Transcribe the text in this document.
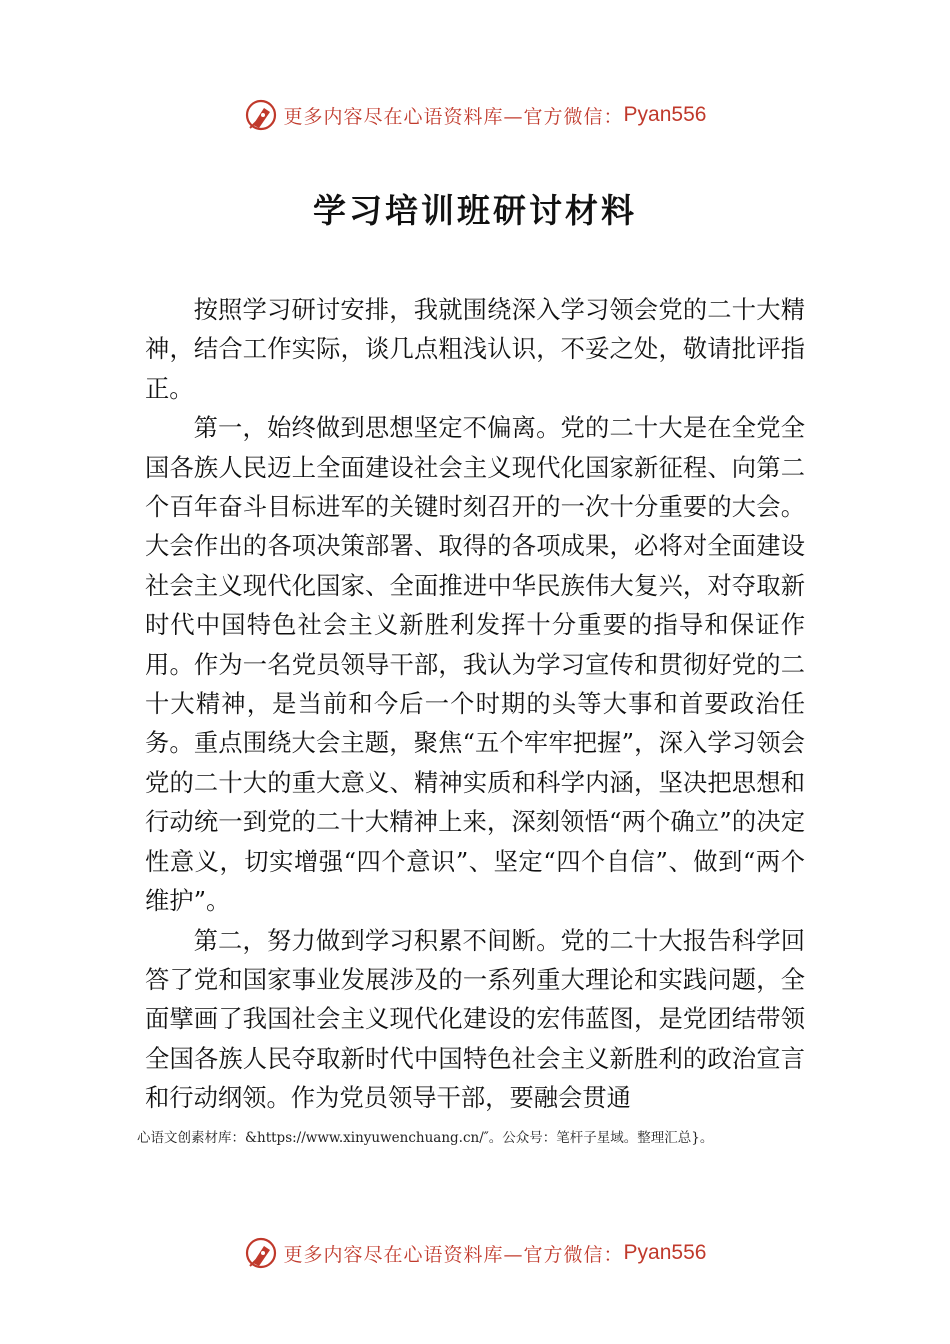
更多内容尽在心语资料库—官方微信： Pyan556
学习培训班研讨材料

按照学习研讨安排，我就围绕深入学习领会党的二十大精神，结合工作实际，谈几点粗浅认识，不妥之处，敬请批评指正。

第一，始终做到思想坚定不偏离。党的二十大是在全党全国各族人民迈上全面建设社会主义现代化国家新征程、向第二个百年奋斗目标进军的关键时刻召开的一次十分重要的大会。大会作出的各项决策部署、取得的各项成果，必将对全面建设社会主义现代化国家、全面推进中华民族伟大复兴，对夺取新时代中国特色社会主义新胜利发挥十分重要的指导和保证作用。作为一名党员领导干部，我认为学习宣传和贯彻好党的二十大精神，是当前和今后一个时期的头等大事和首要政治任务。重点围绕大会主题，聚焦“五个牢牢把握”，深入学习领会党的二十大的重大意义、精神实质和科学内涵，坚决把思想和行动统一到党的二十大精神上来，深刻领悟“两个确立”的决定性意义，切实增强“四个意识”、坚定“四个自信”、做到“两个维护”。

第二，努力做到学习积累不间断。党的二十大报告科学回答了党和国家事业发展涉及的一系列重大理论和实践问题，全面擘画了我国社会主义现代化建设的宏伟蓝图，是党团结带领全国各族人民夺取新时代中国特色社会主义新胜利的政治宣言和行动纲领。作为党员领导干部，要融会贯通

心语文创素材库：&https://www.xinyuwenchuang.cn/″。公众号：笔杆子星域。整理汇总}。
更多内容尽在心语资料库—官方微信： Pyan556
